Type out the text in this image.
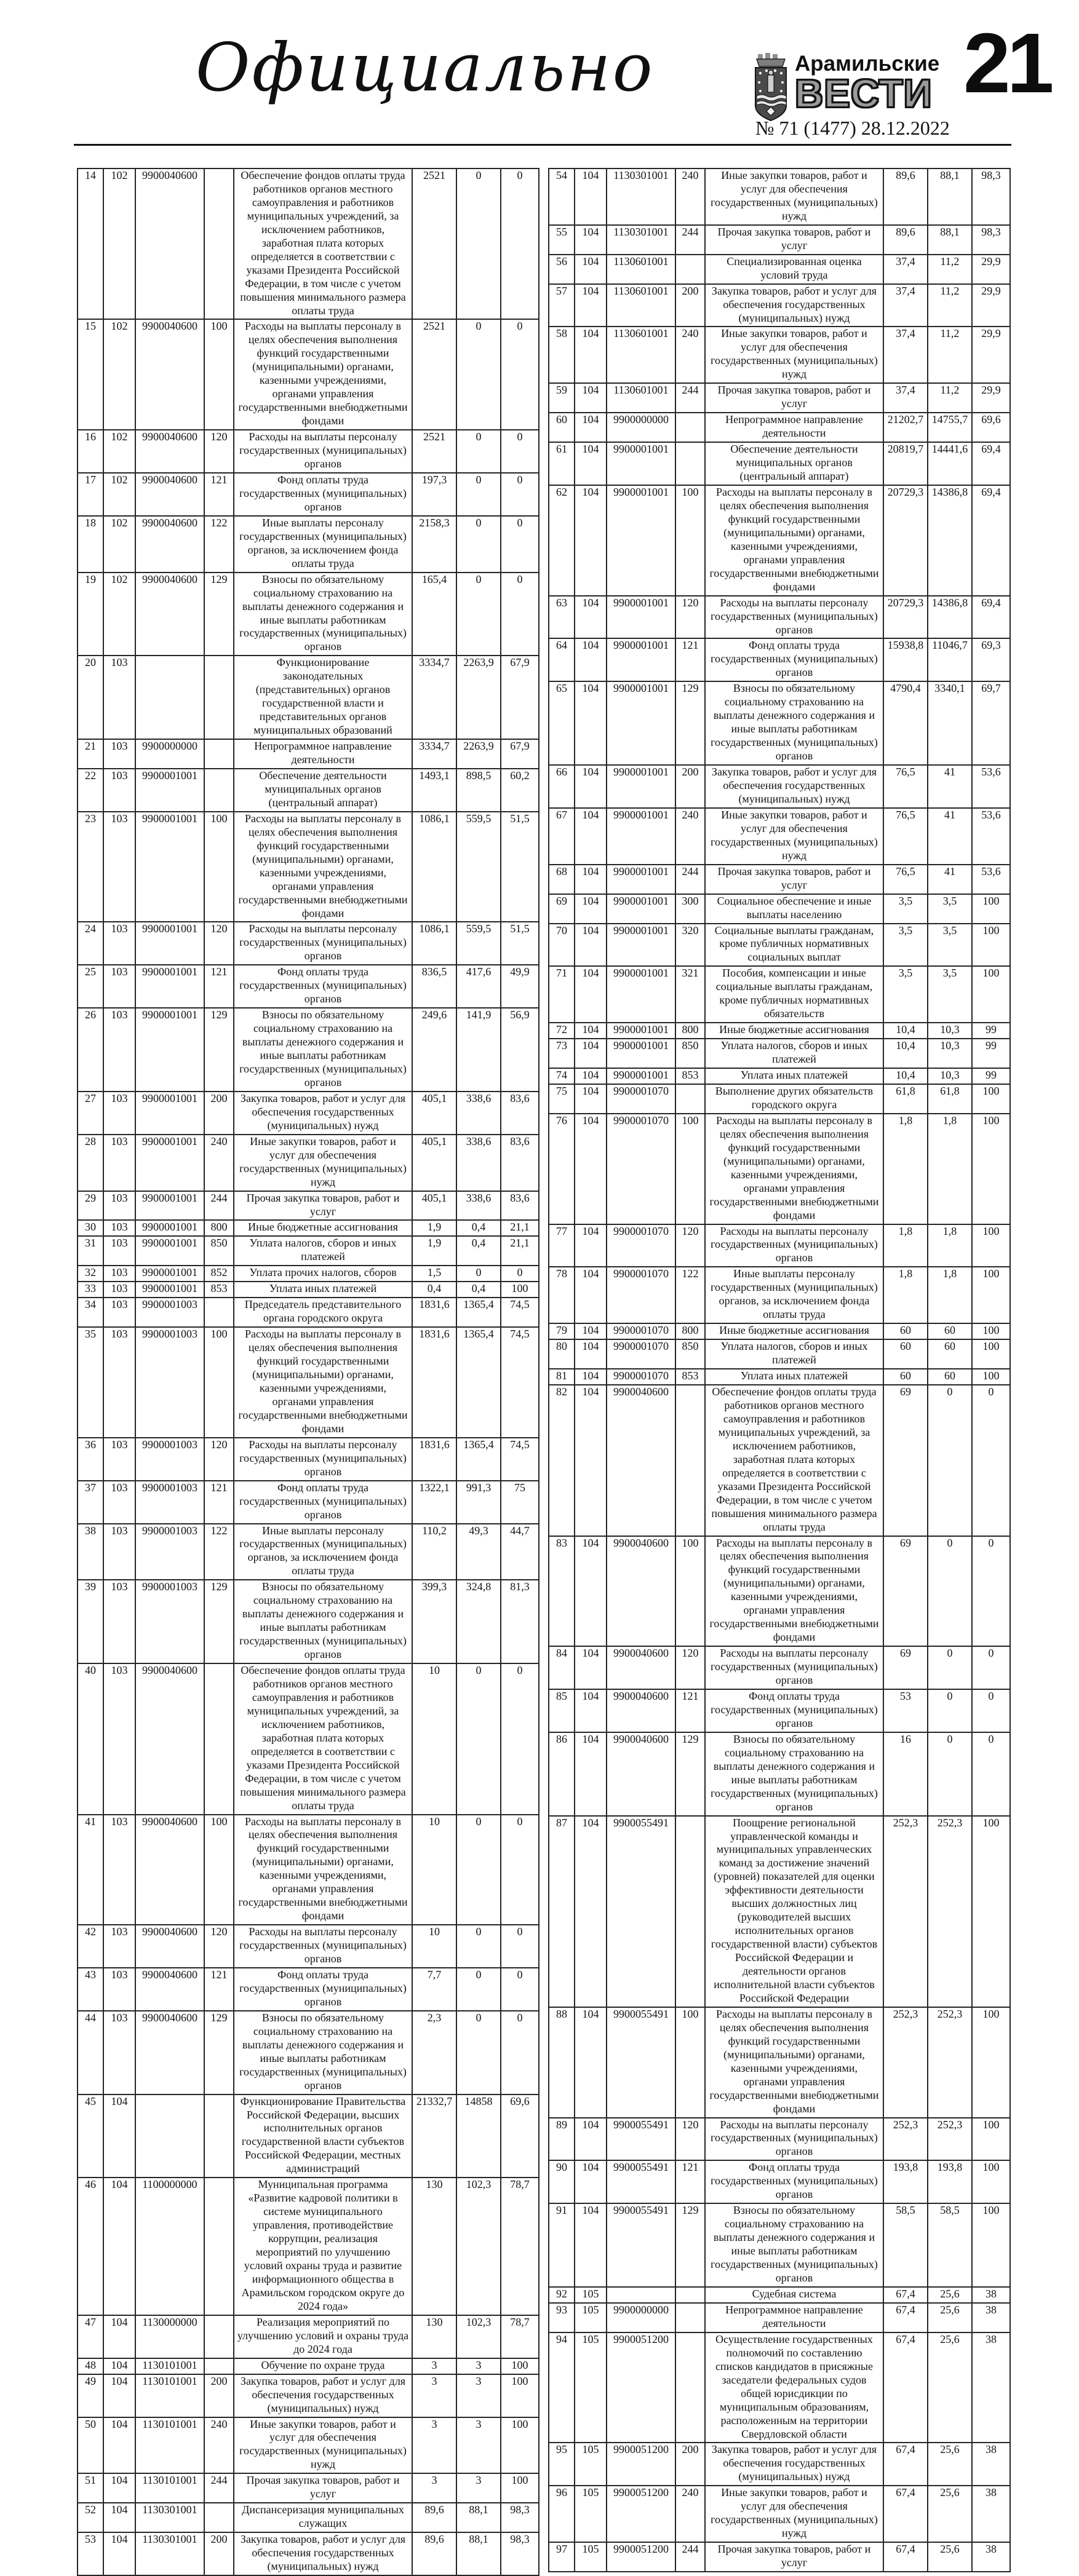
Официально	Арамильские
ВЕСТИ
№ 71 (1477) 28.12.2022
21
14	102	9900040600		Обеспечение фондов оплаты труда работников органов местного самоуправления и работников муниципальных учреждений, за исключением работников, заработная плата которых определяется в соответствии с указами Президента Российской Федерации, в том числе с учетом повышения минимального размера оплаты труда	2521	0	0
15	102	9900040600	100	Расходы на выплаты персоналу в целях обеспечения выполнения функций государственными (муниципальными) органами, казенными учреждениями, органами управления государственными внебюджетными фондами	2521	0	0
16	102	9900040600	120	Расходы на выплаты персоналу государственных (муниципальных) органов	2521	0	0
17	102	9900040600	121	Фонд оплаты труда государственных (муниципальных) органов	197,3	0	0
18	102	9900040600	122	Иные выплаты персоналу государственных (муниципальных) органов, за исключением фонда оплаты труда	2158,3	0	0
19	102	9900040600	129	Взносы по обязательному социальному страхованию на выплаты денежного содержания и иные выплаты работникам государственных (муниципальных) органов	165,4	0	0
20	103			Функционирование законодательных (представительных) органов государственной власти и представительных органов муниципальных образований	3334,7	2263,9	67,9
21	103	9900000000		Непрограммное направление деятельности	3334,7	2263,9	67,9
22	103	9900001001		Обеспечение деятельности муниципальных органов (центральный аппарат)	1493,1	898,5	60,2
23	103	9900001001	100	Расходы на выплаты персоналу в целях обеспечения выполнения функций государственными (муниципальными) органами, казенными учреждениями, органами управления государственными внебюджетными фондами	1086,1	559,5	51,5
24	103	9900001001	120	Расходы на выплаты персоналу государственных (муниципальных) органов	1086,1	559,5	51,5
25	103	9900001001	121	Фонд оплаты труда государственных (муниципальных) органов	836,5	417,6	49,9
26	103	9900001001	129	Взносы по обязательному социальному страхованию на выплаты денежного содержания и иные выплаты работникам государственных (муниципальных) органов	249,6	141,9	56,9
27	103	9900001001	200	Закупка товаров, работ и услуг для обеспечения государственных (муниципальных) нужд	405,1	338,6	83,6
28	103	9900001001	240	Иные закупки товаров, работ и услуг для обеспечения государственных (муниципальных) нужд	405,1	338,6	83,6
29	103	9900001001	244	Прочая закупка товаров, работ и услуг	405,1	338,6	83,6
30	103	9900001001	800	Иные бюджетные ассигнования	1,9	0,4	21,1
31	103	9900001001	850	Уплата налогов, сборов и иных платежей	1,9	0,4	21,1
32	103	9900001001	852	Уплата прочих налогов, сборов	1,5	0	0
33	103	9900001001	853	Уплата иных платежей	0,4	0,4	100
34	103	9900001003		Председатель представительного органа городского округа	1831,6	1365,4	74,5
35	103	9900001003	100	Расходы на выплаты персоналу в целях обеспечения выполнения функций государственными (муниципальными) органами, казенными учреждениями, органами управления государственными внебюджетными фондами	1831,6	1365,4	74,5
36	103	9900001003	120	Расходы на выплаты персоналу государственных (муниципальных) органов	1831,6	1365,4	74,5
37	103	9900001003	121	Фонд оплаты труда государственных (муниципальных) органов	1322,1	991,3	75
38	103	9900001003	122	Иные выплаты персоналу государственных (муниципальных) органов, за исключением фонда оплаты труда	110,2	49,3	44,7
39	103	9900001003	129	Взносы по обязательному социальному страхованию на выплаты денежного содержания и иные выплаты работникам государственных (муниципальных) органов	399,3	324,8	81,3
40	103	9900040600		Обеспечение фондов оплаты труда работников органов местного самоуправления и работников муниципальных учреждений, за исключением работников, заработная плата которых определяется в соответствии с указами Президента Российской Федерации, в том числе с учетом повышения минимального размера оплаты труда	10	0	0
41	103	9900040600	100	Расходы на выплаты персоналу в целях обеспечения выполнения функций государственными (муниципальными) органами, казенными учреждениями, органами управления государственными внебюджетными фондами	10	0	0
42	103	9900040600	120	Расходы на выплаты персоналу государственных (муниципальных) органов	10	0	0
43	103	9900040600	121	Фонд оплаты труда государственных (муниципальных) органов	7,7	0	0
44	103	9900040600	129	Взносы по обязательному социальному страхованию на выплаты денежного содержания и иные выплаты работникам государственных (муниципальных) органов	2,3	0	0
45	104			Функционирование Правительства Российской Федерации, высших исполнительных органов государственной власти субъектов Российской Федерации, местных администраций	21332,7	14858	69,6
46	104	1100000000		Муниципальная программа «Развитие кадровой политики в системе муниципального управления, противодействие коррупции, реализация мероприятий по улучшению условий охраны труда и развитие информационного общества в Арамильском городском округе до 2024 года»	130	102,3	78,7
47	104	1130000000		Реализация мероприятий по улучшению условий и охраны труда до 2024 года	130	102,3	78,7
48	104	1130101001		Обучение по охране труда	3	3	100
49	104	1130101001	200	Закупка товаров, работ и услуг для обеспечения государственных (муниципальных) нужд	3	3	100
50	104	1130101001	240	Иные закупки товаров, работ и услуг для обеспечения государственных (муниципальных) нужд	3	3	100
51	104	1130101001	244	Прочая закупка товаров, работ и услуг	3	3	100
52	104	1130301001		Диспансеризация муниципальных служащих	89,6	88,1	98,3
53	104	1130301001	200	Закупка товаров, работ и услуг для обеспечения государственных (муниципальных) нужд	89,6	88,1	98,3
54	104	1130301001	240	Иные закупки товаров, работ и услуг для обеспечения государственных (муниципальных) нужд	89,6	88,1	98,3
55	104	1130301001	244	Прочая закупка товаров, работ и услуг	89,6	88,1	98,3
56	104	1130601001		Специализированная оценка условий труда	37,4	11,2	29,9
57	104	1130601001	200	Закупка товаров, работ и услуг для обеспечения государственных (муниципальных) нужд	37,4	11,2	29,9
58	104	1130601001	240	Иные закупки товаров, работ и услуг для обеспечения государственных (муниципальных) нужд	37,4	11,2	29,9
59	104	1130601001	244	Прочая закупка товаров, работ и услуг	37,4	11,2	29,9
60	104	9900000000		Непрограммное направление деятельности	21202,7	14755,7	69,6
61	104	9900001001		Обеспечение деятельности муниципальных органов (центральный аппарат)	20819,7	14441,6	69,4
62	104	9900001001	100	Расходы на выплаты персоналу в целях обеспечения выполнения функций государственными (муниципальными) органами, казенными учреждениями, органами управления государственными внебюджетными фондами	20729,3	14386,8	69,4
63	104	9900001001	120	Расходы на выплаты персоналу государственных (муниципальных) органов	20729,3	14386,8	69,4
64	104	9900001001	121	Фонд оплаты труда государственных (муниципальных) органов	15938,8	11046,7	69,3
65	104	9900001001	129	Взносы по обязательному социальному страхованию на выплаты денежного содержания и иные выплаты работникам государственных (муниципальных) органов	4790,4	3340,1	69,7
66	104	9900001001	200	Закупка товаров, работ и услуг для обеспечения государственных (муниципальных) нужд	76,5	41	53,6
67	104	9900001001	240	Иные закупки товаров, работ и услуг для обеспечения государственных (муниципальных) нужд	76,5	41	53,6
68	104	9900001001	244	Прочая закупка товаров, работ и услуг	76,5	41	53,6
69	104	9900001001	300	Социальное обеспечение и иные выплаты населению	3,5	3,5	100
70	104	9900001001	320	Социальные выплаты гражданам, кроме публичных нормативных социальных выплат	3,5	3,5	100
71	104	9900001001	321	Пособия, компенсации и иные социальные выплаты гражданам, кроме публичных нормативных обязательств	3,5	3,5	100
72	104	9900001001	800	Иные бюджетные ассигнования	10,4	10,3	99
73	104	9900001001	850	Уплата налогов, сборов и иных платежей	10,4	10,3	99
74	104	9900001001	853	Уплата иных платежей	10,4	10,3	99
75	104	9900001070		Выполнение других обязательств городского округа	61,8	61,8	100
76	104	9900001070	100	Расходы на выплаты персоналу в целях обеспечения выполнения функций государственными (муниципальными) органами, казенными учреждениями, органами управления государственными внебюджетными фондами	1,8	1,8	100
77	104	9900001070	120	Расходы на выплаты персоналу государственных (муниципальных) органов	1,8	1,8	100
78	104	9900001070	122	Иные выплаты персоналу государственных (муниципальных) органов, за исключением фонда оплаты труда	1,8	1,8	100
79	104	9900001070	800	Иные бюджетные ассигнования	60	60	100
80	104	9900001070	850	Уплата налогов, сборов и иных платежей	60	60	100
81	104	9900001070	853	Уплата иных платежей	60	60	100
82	104	9900040600		Обеспечение фондов оплаты труда работников органов местного самоуправления и работников муниципальных учреждений, за исключением работников, заработная плата которых определяется в соответствии с указами Президента Российской Федерации, в том числе с учетом повышения минимального размера оплаты труда	69	0	0
83	104	9900040600	100	Расходы на выплаты персоналу в целях обеспечения выполнения функций государственными (муниципальными) органами, казенными учреждениями, органами управления государственными внебюджетными фондами	69	0	0
84	104	9900040600	120	Расходы на выплаты персоналу государственных (муниципальных) органов	69	0	0
85	104	9900040600	121	Фонд оплаты труда государственных (муниципальных) органов	53	0	0
86	104	9900040600	129	Взносы по обязательному социальному страхованию на выплаты денежного содержания и иные выплаты работникам государственных (муниципальных) органов	16	0	0
87	104	9900055491		Поощрение региональной управленческой команды и муниципальных управленческих команд за достижение значений (уровней) показателей для оценки эффективности деятельности высших должностных лиц (руководителей высших исполнительных органов государственной власти) субъектов Российской Федерации и деятельности органов исполнительной власти субъектов Российской Федерации	252,3	252,3	100
88	104	9900055491	100	Расходы на выплаты персоналу в целях обеспечения выполнения функций государственными (муниципальными) органами, казенными учреждениями, органами управления государственными внебюджетными фондами	252,3	252,3	100
89	104	9900055491	120	Расходы на выплаты персоналу государственных (муниципальных) органов	252,3	252,3	100
90	104	9900055491	121	Фонд оплаты труда государственных (муниципальных) органов	193,8	193,8	100
91	104	9900055491	129	Взносы по обязательному социальному страхованию на выплаты денежного содержания и иные выплаты работникам государственных (муниципальных) органов	58,5	58,5	100
92	105			Судебная система	67,4	25,6	38
93	105	9900000000		Непрограммное направление деятельности	67,4	25,6	38
94	105	9900051200		Осуществление государственных полномочий по составлению списков кандидатов в присяжные заседатели федеральных судов общей юрисдикции по муниципальным образованиям, расположенным на территории Свердловской области	67,4	25,6	38
95	105	9900051200	200	Закупка товаров, работ и услуг для обеспечения государственных (муниципальных) нужд	67,4	25,6	38
96	105	9900051200	240	Иные закупки товаров, работ и услуг для обеспечения государственных (муниципальных) нужд	67,4	25,6	38
97	105	9900051200	244	Прочая закупка товаров, работ и услуг	67,4	25,6	38
